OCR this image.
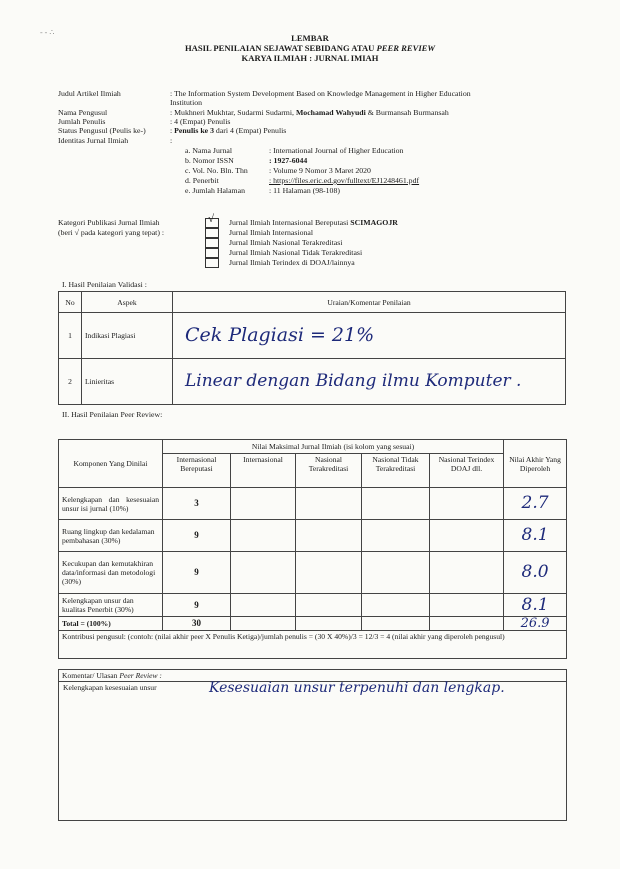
- - ∴
LEMBAR
HASIL PENILAIAN SEJAWAT SEBIDANG ATAU PEER REVIEW
KARYA ILMIAH : JURNAL IMIAH
Judul Artikel Ilmiah	: The Information System Development Based on Knowledge Management in Higher Education
Institution
Nama Pengusul	: Mukhneri Mukhtar, Sudarmi Sudarmi, Mochamad Wahyudi & Burmansah Burmansah
Jumlah Penulis	: 4 (Empat) Penulis
Status Pengusul (Peulis ke-)	: Penulis ke 3 dari 4 (Empat) Penulis
Identitas Jurnal Ilmiah	:
a. Nama Jurnal	: International Journal of Higher Education
b. Nomor ISSN	: 1927-6044
c. Vol. No. Bln. Thn	: Volume 9 Nomor 3 Maret 2020
d. Penerbit	: https://files.eric.ed.gov/fulltext/EJ1248461.pdf
e. Jumlah Halaman	: 11 Halaman (98-108)
Kategori Publikasi Jurnal Ilmiah
(beri √ pada kategori yang tepat) :
√ Jurnal Ilmiah Internasional Bereputasi SCIMAGOJR
Jurnal Ilmiah Internasional
Jurnal Ilmiah Nasional Terakreditasi
Jurnal Ilmiah Nasional Tidak Terakreditasi
Jurnal Ilmiah Terindex di DOAJ/lainnya
I. Hasil Penilaian Validasi :
No	Aspek	Uraian/Komentar Penilaian
1	Indikasi Plagiasi	Cek Plagiasi = 21%
2	Linieritas	Linear dengan Bidang ilmu Komputer .
II. Hasil Penilaian Peer Review:
Komponen Yang Dinilai	Nilai Maksimal Jurnal Ilmiah (isi kolom yang sesuai)					Nilai Akhir Yang Diperoleh
	Internasional Bereputasi	Internasional	Nasional Terakreditasi	Nasional Tidak Terakreditasi	Nasional Terindex DOAJ dll.	
Kelengkapan dan kesesuaian unsur isi jurnal (10%)	3					2.7
Ruang lingkup dan kedalaman pembahasan (30%)	9					8.1
Kecukupan dan kemutakhiran data/informasi dan metodologi (30%)	9					8.0
Kelengkapan unsur dan kualitas Penerbit (30%)	9					8.1
Total = (100%)	30					26.9
Kontribusi pengusul: (contoh: (nilai akhir peer X Penulis Ketiga)/jumlah penulis = (30 X 40%)/3 = 12/3 = 4 (nilai akhir yang diperoleh pengusul)						
Komentar/ Ulasan Peer Review :
Kelengkapan kesesuaian unsur	Kesesuaian unsur terpenuhi dan lengkap.
